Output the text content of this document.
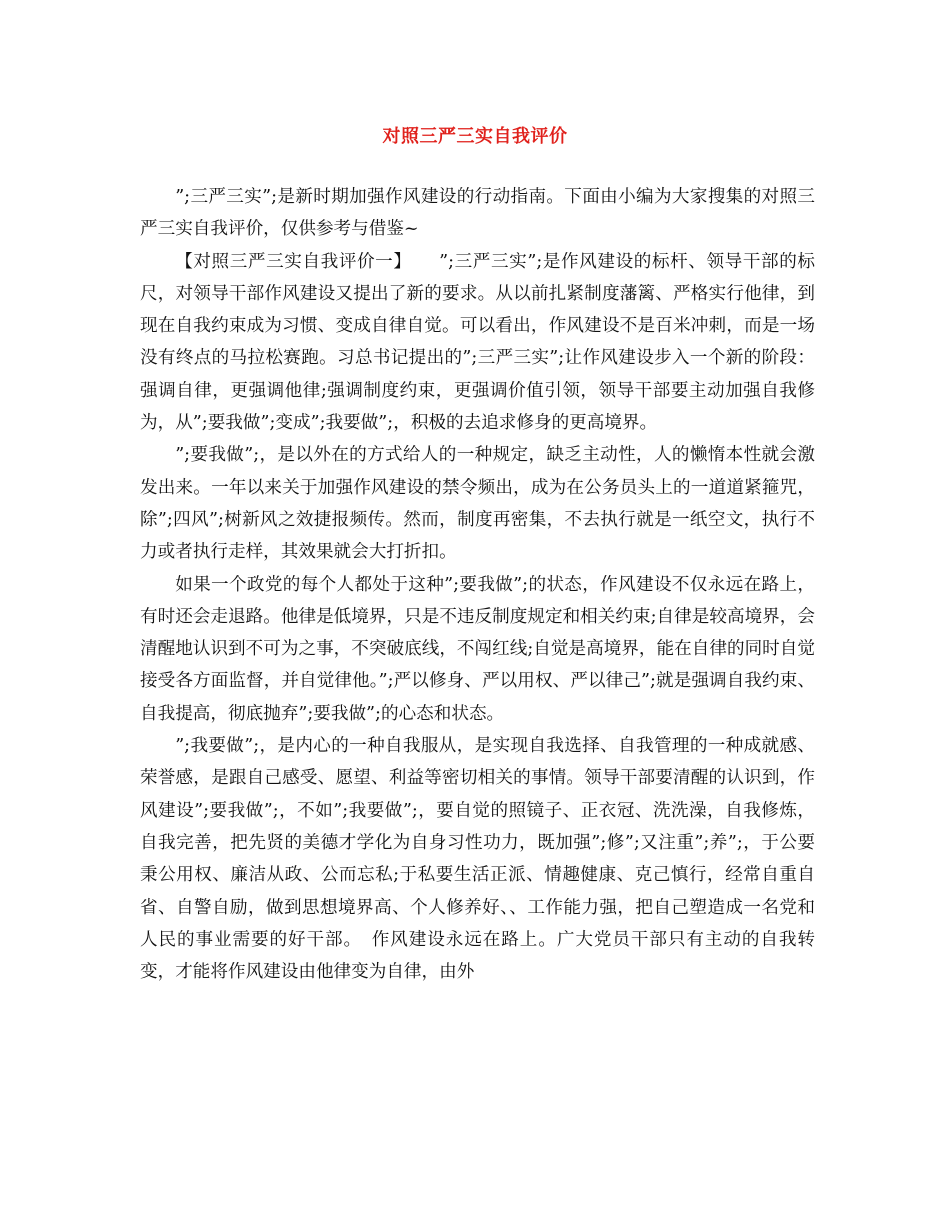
对照三严三实自我评价

”;三严三实”;是新时期加强作风建设的行动指南。下面由小编为大家搜集的对照三严三实自我评价，仅供参考与借鉴~

【对照三严三实自我评价一】　　”;三严三实”;是作风建设的标杆、领导干部的标尺，对领导干部作风建设又提出了新的要求。从以前扎紧制度藩篱、严格实行他律，到现在自我约束成为习惯、变成自律自觉。可以看出，作风建设不是百米冲刺，而是一场没有终点的马拉松赛跑。习总书记提出的”;三严三实”;让作风建设步入一个新的阶段：强调自律，更强调他律;强调制度约束，更强调价值引领，领导干部要主动加强自我修为，从”;要我做”;变成”;我要做”;，积极的去追求修身的更高境界。

”;要我做”;，是以外在的方式给人的一种规定，缺乏主动性，人的懒惰本性就会激发出来。一年以来关于加强作风建设的禁令频出，成为在公务员头上的一道道紧箍咒，除”;四风”;树新风之效捷报频传。然而，制度再密集，不去执行就是一纸空文，执行不力或者执行走样，其效果就会大打折扣。

如果一个政党的每个人都处于这种”;要我做”;的状态，作风建设不仅永远在路上，有时还会走退路。他律是低境界，只是不违反制度规定和相关约束;自律是较高境界，会清醒地认识到不可为之事，不突破底线，不闯红线;自觉是高境界，能在自律的同时自觉接受各方面监督，并自觉律他。”;严以修身、严以用权、严以律己”;就是强调自我约束、自我提高，彻底抛弃”;要我做”;的心态和状态。

”;我要做”;，是内心的一种自我服从，是实现自我选择、自我管理的一种成就感、荣誉感，是跟自己感受、愿望、利益等密切相关的事情。领导干部要清醒的认识到，作风建设”;要我做”;，不如”;我要做”;，要自觉的照镜子、正衣冠、洗洗澡，自我修炼，自我完善，把先贤的美德才学化为自身习性功力，既加强”;修”;又注重”;养”;，于公要秉公用权、廉洁从政、公而忘私;于私要生活正派、情趣健康、克己慎行，经常自重自省、自警自励，做到思想境界高、个人修养好、、工作能力强，把自己塑造成一名党和人民的事业需要的好干部。　作风建设永远在路上。广大党员干部只有主动的自我转变，才能将作风建设由他律变为自律，由外
